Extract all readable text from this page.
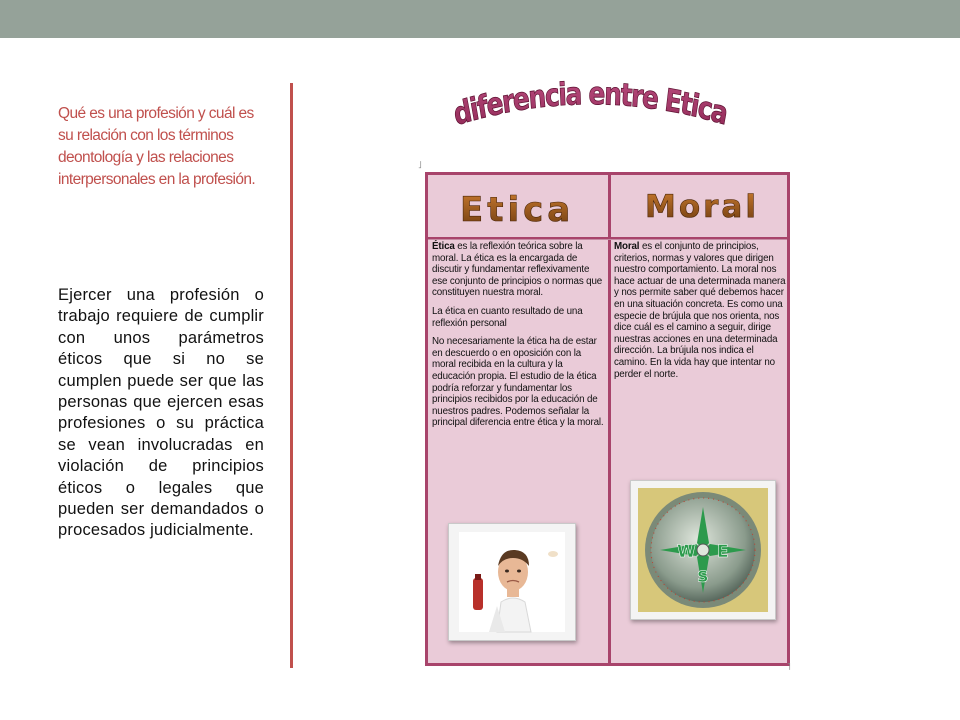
Qué es una profesión y cuál es su relación con los términos deontología y las relaciones interpersonales en la profesión.
Ejercer una profesión o trabajo requiere de cumplir con unos parámetros éticos que si no se cumplen puede ser que las personas que ejercen esas profesiones o su práctica se vean involucradas en violación de principios éticos o legales que pueden ser demandados o procesados judicialmente.
diferencia entre Etica
˩
Etica Moral

Ética es la reflexión teórica sobre la moral. La ética es la encargada de discutir y fundamentar reflexivamente ese conjunto de principios o normas que constituyen nuestra moral.

La ética en cuanto resultado de una reflexión personal

No necesariamente la ética ha de estar en descuerdo o en oposición con la moral recibida en la cultura y la educación propia. El estudio de la ética podría reforzar y fundamentar los principios recibidos por la educación de nuestros padres. Podemos señalar la principal diferencia entre ética y la moral.

Moral es el conjunto de principios, criterios, normas y valores que dirigen nuestro comportamiento. La moral nos hace actuar de una determinada manera y nos permite saber qué debemos hacer en una situación concreta. Es como una especie de brújula que nos orienta, nos dice cuál es el camino a seguir, dirige nuestras acciones en una determinada dirección. La brújula nos indica el camino. En la vida hay que intentar no perder el norte.

W E
S
˥
